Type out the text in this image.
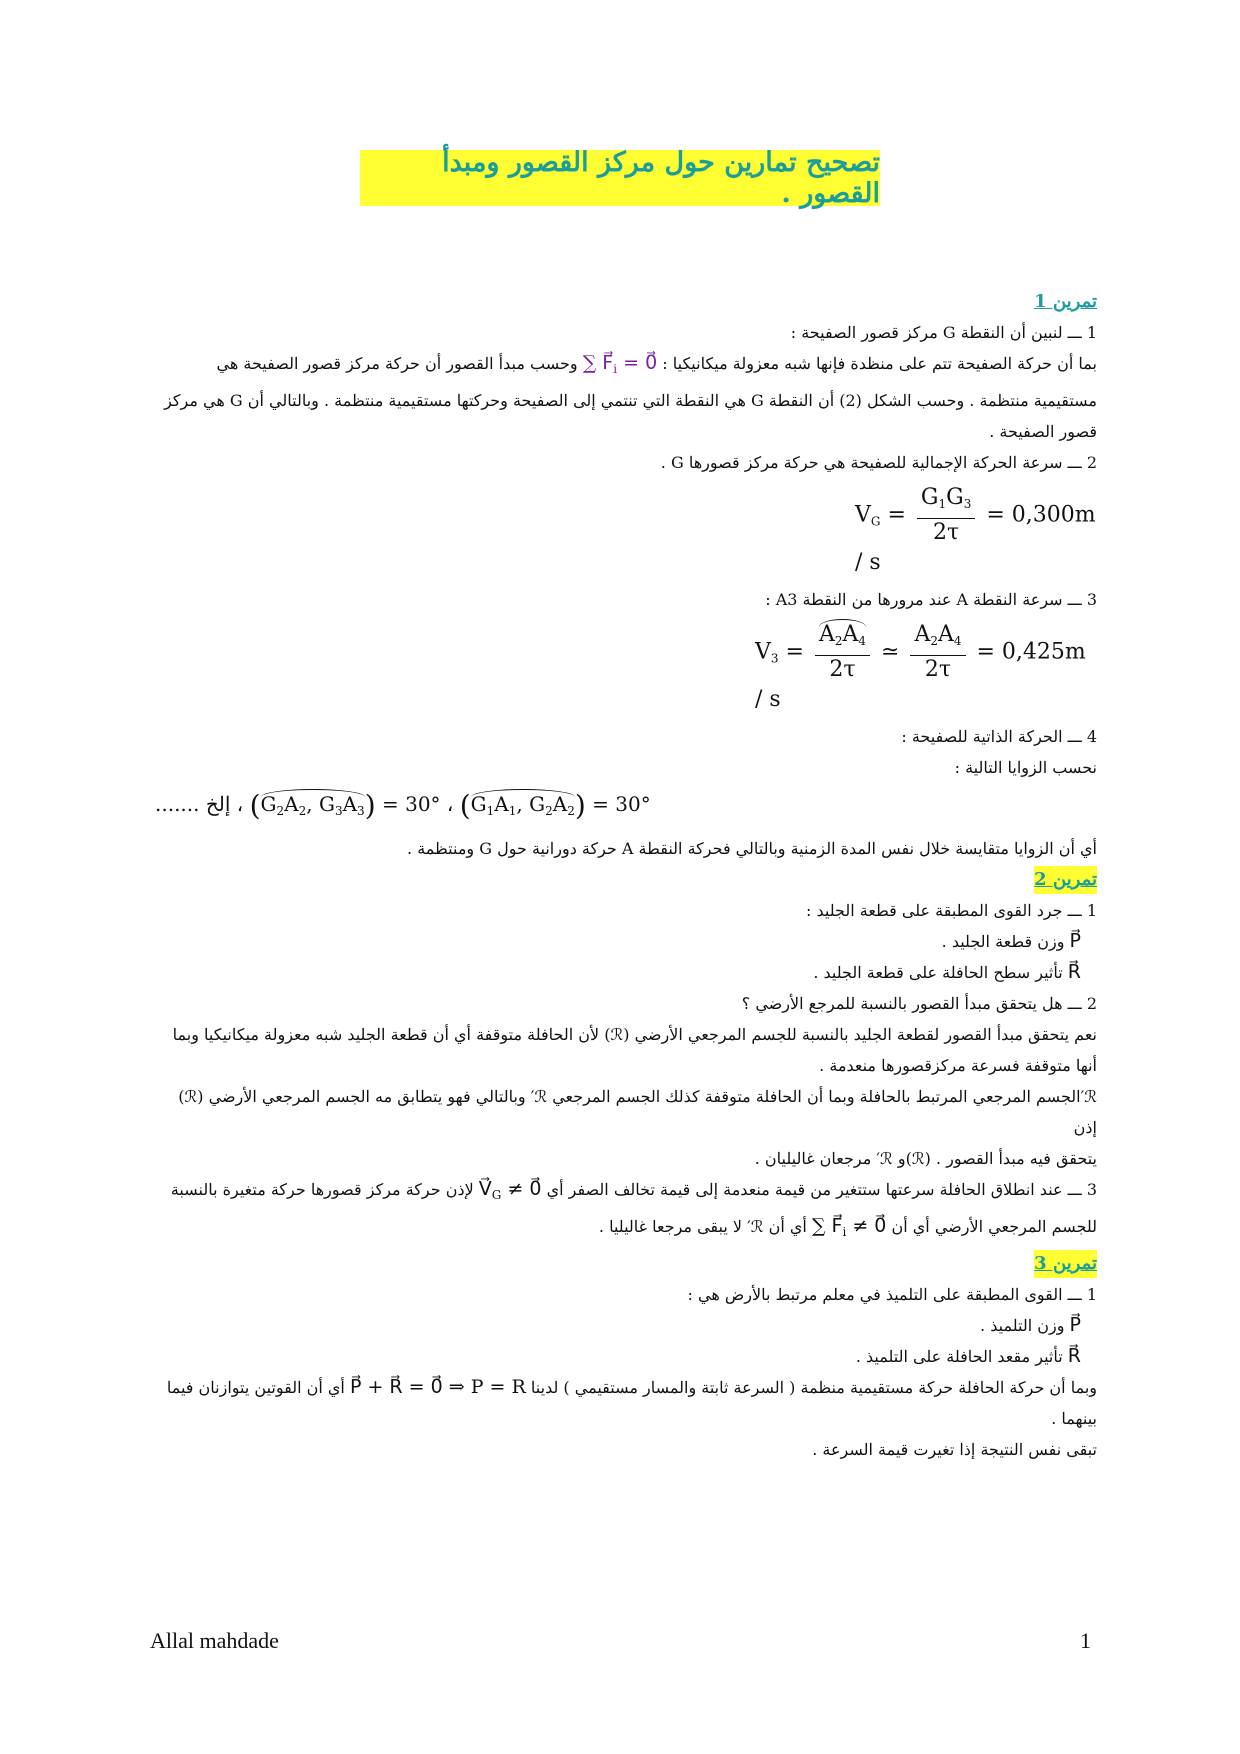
تصحيح تمارين حول مركز القصور ومبدأ القصور .
تمرين 1

1 ـــ لنبين أن النقطة G مركز قصور الصفيحة :

بما أن حركة الصفيحة تتم على منظدة فإنها شبه معزولة ميكانيكيا : ∑ $F⃗_i$ = 0⃗ وحسب مبدأ القصور أن حركة مركز قصور الصفيحة هي

مستقيمية منتظمة . وحسب الشكل (2) أن النقطة G هي النقطة التي تنتمي إلى الصفيحة وحركتها مستقيمية منتظمة . وبالتالي أن G هي مركز

قصور الصفيحة .

2 ـــ سرعة الحركة الإجمالية للصفيحة هي حركة مركز قصورها G .

$V_G = \frac{G_1G_3}{2\tau} = 0,300m / s$

3 ـــ سرعة النقطة A عند مرورها من النقطة A3 :

$V_3 = \frac{A_2A_4}{2\tau}$ ≃ $\frac{A_2A_4}{2\tau} = 0,425m / s$

4 ـــ الحركة الذاتية للصفيحة :

نحسب الزوايا التالية :

($G_1A_1$, $G_2A_2) = 30^\circ$ ، ($G_2A_2$, $G_3A_3) = 30^\circ$ ، إلخ .......

أي أن الزوايا متقايسة خلال نفس المدة الزمنية وبالتالي فحركة النقطة A حركة دورانية حول G ومنتظمة .

تمرين 2

1 ـــ جرد القوى المطبقة على قطعة الجليد :

P⃗ وزن قطعة الجليد .

R⃗ تأثير سطح الحافلة على قطعة الجليد .

2 ـــ هل يتحقق مبدأ القصور بالنسبة للمرجع الأرضي ؟

نعم يتحقق مبدأ القصور لقطعة الجليد بالنسبة للجسم المرجعي الأرضي (ℛ) لأن الحافلة متوقفة أي أن قطعة الجليد شبه معزولة ميكانيكيا وبما

أنها متوقفة فسرعة مركزقصورها منعدمة .

ℛ′الجسم المرجعي المرتبط بالحافلة وبما أن الحافلة متوقفة كذلك الجسم المرجعي ℛ′ وبالتالي فهو يتطابق مه الجسم المرجعي الأرضي (ℛ) إذن

يتحقق فيه مبدأ القصور . (ℛ)و ℛ′ مرجعان غاليليان .

3 ـــ عند انطلاق الحافلة سرعتها ستتغير من قيمة منعدمة إلى قيمة تخالف الصفر أي $V⃗_G$ ≠ 0⃗ لإذن حركة مركز قصورها حركة متغيرة بالنسبة

للجسم المرجعي الأرضي أي أن ∑ $F⃗_i$ ≠ 0⃗ أي أن ℛ′ لا يبقى مرجعا غاليليا .

تمرين 3

1 ـــ القوى المطبقة على التلميذ في معلم مرتبط بالأرض هي :

P⃗ وزن التلميذ .

R⃗ تأثير مقعد الحافلة على التلميذ .

وبما أن حركة الحافلة حركة مستقيمية منظمة ( السرعة ثابتة والمسار مستقيمي ) لدينا P⃗ + R⃗ = 0⃗ ⇒ P = R أي أن القوتين يتوازنان فيما

بينهما .

تبقى نفس النتيجة إذا تغيرت قيمة السرعة .

Allal mahdade	1
